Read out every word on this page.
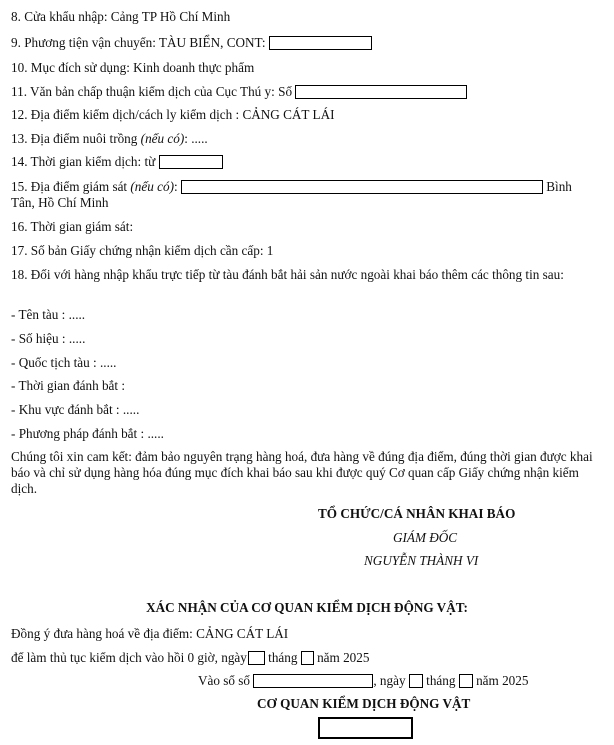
8. Cửa khẩu nhập: Cảng TP Hồ Chí Minh
9. Phương tiện vận chuyển: TÀU BIỂN, CONT:
10. Mục đích sử dụng: Kinh doanh thực phẩm
11. Văn bản chấp thuận kiểm dịch của Cục Thú y: Số
12. Địa điểm kiểm dịch/cách ly kiểm dịch : CẢNG CÁT LÁI
13. Địa điểm nuôi trồng (nếu có): .....
14. Thời gian kiểm dịch: từ
15. Địa điểm giám sát (nếu có):	Bình
Tân, Hồ Chí Minh
16. Thời gian giám sát:
17. Số bản Giấy chứng nhận kiểm dịch cần cấp: 1
18. Đối với hàng nhập khẩu trực tiếp từ tàu đánh bắt hải sản nước ngoài khai báo thêm các thông tin sau:
- Tên tàu : .....
- Số hiệu : .....
- Quốc tịch tàu : .....
- Thời gian đánh bắt :
- Khu vực đánh bắt : .....
- Phương pháp đánh bắt : .....
Chúng tôi xin cam kết: đảm bảo nguyên trạng hàng hoá, đưa hàng về đúng địa điểm, đúng thời gian được khai báo và chỉ sử dụng hàng hóa đúng mục đích khai báo sau khi được quý Cơ quan cấp Giấy chứng nhận kiểm dịch.
TỔ CHỨC/CÁ NHÂN KHAI BÁO
GIÁM ĐỐC
NGUYỄN THÀNH VI
XÁC NHẬN CỦA CƠ QUAN KIỂM DỊCH ĐỘNG VẬT:
Đồng ý đưa hàng hoá về địa điểm: CẢNG CÁT LÁI
để làm thủ tục kiểm dịch vào hồi 0 giờ, ngày tháng năm 2025
Vào sổ số	, ngày tháng năm 2025
CƠ QUAN KIỂM DỊCH ĐỘNG VẬT
